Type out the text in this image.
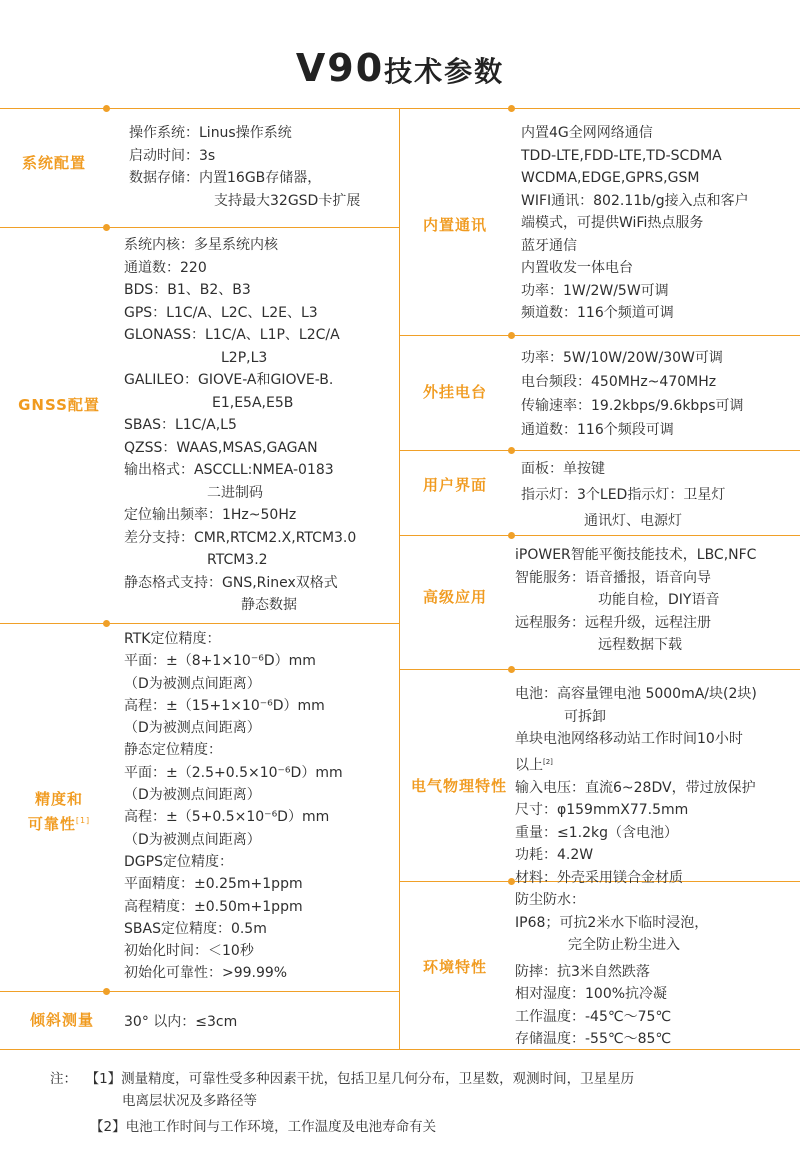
V90技术参数
系统配置
操作系统：Linus操作系统
启动时间：3s
数据存储：内置16GB存储器，
支持最大32GSD卡扩展
GNSS配置
系统内核：多星系统内核
通道数：220
BDS：B1、B2、B3
GPS：L1C/A、L2C、L2E、L3
GLONASS：L1C/A、L1P、L2C/A
L2P,L3
GALILEO：GIOVE-A和GIOVE-B.
E1,E5A,E5B
SBAS：L1C/A,L5
QZSS：WAAS,MSAS,GAGAN
输出格式：ASCCLL:NMEA-0183
二进制码
定位输出频率：1Hz~50Hz
差分支持：CMR,RTCM2.X,RTCM3.0
RTCM3.2
静态格式支持：GNS,Rinex双格式
静态数据
精度和
可靠性[1]
RTK定位精度：
平面：±（8+1×10⁻⁶D）mm
（D为被测点间距离）
高程：±（15+1×10⁻⁶D）mm
（D为被测点间距离）
静态定位精度：
平面：±（2.5+0.5×10⁻⁶D）mm
（D为被测点间距离）
高程：±（5+0.5×10⁻⁶D）mm
（D为被测点间距离）
DGPS定位精度：
平面精度：±0.25m+1ppm
高程精度：±0.50m+1ppm
SBAS定位精度：0.5m
初始化时间：＜10秒
初始化可靠性：>99.99%
倾斜测量	30° 以内：≤3cm
内置通讯
内置4G全网网络通信
TDD-LTE,FDD-LTE,TD-SCDMA
WCDMA,EDGE,GPRS,GSM
WIFI通讯：802.11b/g接入点和客户
端模式，可提供WiFi热点服务
蓝牙通信
内置收发一体电台
功率：1W/2W/5W可调
频道数：116个频道可调
外挂电台
功率：5W/10W/20W/30W可调
电台频段：450MHz~470MHz
传输速率：19.2kbps/9.6kbps可调
通道数：116个频段可调
用户界面
面板：单按键
指示灯：3个LED指示灯：卫星灯
通讯灯、电源灯
高级应用
iPOWER智能平衡技能技术，LBC,NFC
智能服务：语音播报，语音向导
功能自检，DIY语音
远程服务：远程升级，远程注册
远程数据下载
电气物理特性
电池：高容量锂电池 5000mA/块(2块)
可拆卸
单块电池网络移动站工作时间10小时
以上[2]
输入电压：直流6~28DV，带过放保护
尺寸：φ159mmX77.5mm
重量：≤1.2kg（含电池）
功耗：4.2W
材料：外壳采用镁合金材质
环境特性
防尘防水：
IP68；可抗2米水下临时浸泡，
完全防止粉尘进入
防摔：抗3米自然跌落
相对湿度：100%抗冷凝
工作温度：-45℃～75℃
存储温度：-55℃～85℃
注： 【1】测量精度，可靠性受多种因素干扰，包括卫星几何分布，卫星数，观测时间，卫星星历
电离层状况及多路径等
【2】电池工作时间与工作环境，工作温度及电池寿命有关
